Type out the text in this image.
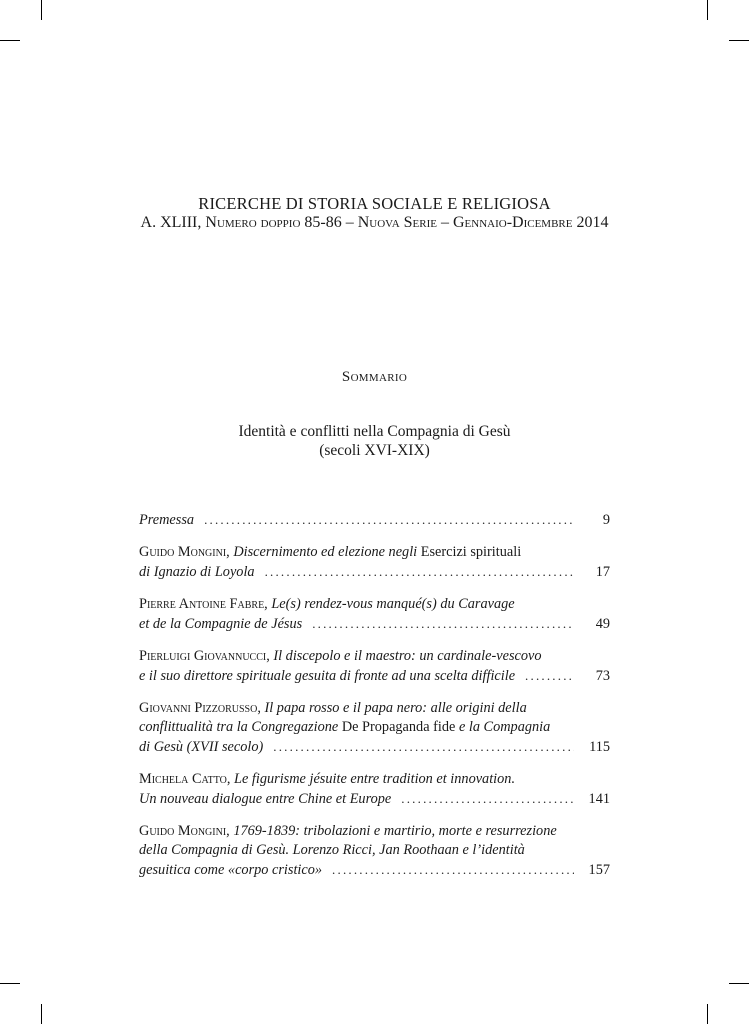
RICERCHE DI STORIA SOCIALE E RELIGIOSA
A. XLIII, Numero doppio 85-86 – Nuova Serie – Gennaio-Dicembre 2014
Sommario
Identità e conflitti nella Compagnia di Gesù
(secoli XVI-XIX)
Premessa .....	9
Guido Mongini, Discernimento ed elezione negli Esercizi spirituali
di Ignazio di Loyola .....	17
Pierre Antoine Fabre, Le(s) rendez-vous manqué(s) du Caravage
et de la Compagnie de Jésus .....	49
Pierluigi Giovannucci, Il discepolo e il maestro: un cardinale-vescovo
e il suo direttore spirituale gesuita di fronte ad una scelta difficile .....	73
Giovanni Pizzorusso, Il papa rosso e il papa nero: alle origini della
conflittualità tra la Congregazione De Propaganda fide e la Compagnia
di Gesù (XVII secolo) .....	115
Michela Catto, Le figurisme jésuite entre tradition et innovation.
Un nouveau dialogue entre Chine et Europe .....	141
Guido Mongini, 1769-1839: tribolazioni e martirio, morte e resurrezione
della Compagnia di Gesù. Lorenzo Ricci, Jan Roothaan e l’identità
gesuitica come «corpo cristico» .....	157
